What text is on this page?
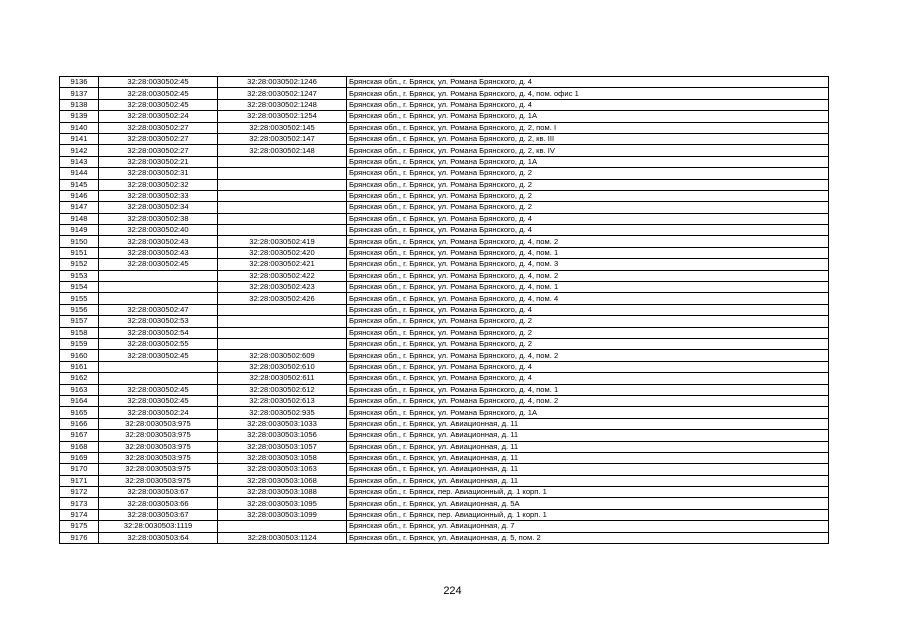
9136	32:28:0030502:45	32:28:0030502:1246	Брянская обл., г. Брянск, ул. Романа Брянского, д. 4
9137	32:28:0030502:45	32:28:0030502:1247	Брянская обл., г. Брянск, ул. Романа Брянского, д. 4, пом. офис 1
9138	32:28:0030502:45	32:28:0030502:1248	Брянская обл., г. Брянск, ул. Романа Брянского, д. 4
9139	32:28:0030502:24	32:28:0030502:1254	Брянская обл., г. Брянск, ул. Романа Брянского, д. 1А
9140	32:28:0030502:27	32:28:0030502:145	Брянская обл., г. Брянск, ул. Романа Брянского, д. 2, пом. I
9141	32:28:0030502:27	32:28:0030502:147	Брянская обл., г. Брянск, ул. Романа Брянского, д. 2, кв. III
9142	32:28:0030502:27	32:28:0030502:148	Брянская обл., г. Брянск, ул. Романа Брянского, д. 2, кв. IV
9143	32:28:0030502:21		Брянская обл., г. Брянск, ул. Романа Брянского, д. 1А
9144	32:28:0030502:31		Брянская обл., г. Брянск, ул. Романа Брянского, д. 2
9145	32:28:0030502:32		Брянская обл., г. Брянск, ул. Романа Брянского, д. 2
9146	32:28:0030502:33		Брянская обл., г. Брянск, ул. Романа Брянского, д. 2
9147	32:28:0030502:34		Брянская обл., г. Брянск, ул. Романа Брянского, д. 2
9148	32:28:0030502:38		Брянская обл., г. Брянск, ул. Романа Брянского, д. 4
9149	32:28:0030502:40		Брянская обл., г. Брянск, ул. Романа Брянского, д. 4
9150	32:28:0030502:43	32:28:0030502:419	Брянская обл., г. Брянск, ул. Романа Брянского, д. 4, пом. 2
9151	32:28:0030502:43	32:28:0030502:420	Брянская обл., г. Брянск, ул. Романа Брянского, д. 4, пом. 1
9152	32:28:0030502:45	32:28:0030502:421	Брянская обл., г. Брянск, ул. Романа Брянского, д. 4, пом. 3
9153		32:28:0030502:422	Брянская обл., г. Брянск, ул. Романа Брянского, д. 4, пом. 2
9154		32:28:0030502:423	Брянская обл., г. Брянск, ул. Романа Брянского, д. 4, пом. 1
9155		32:28:0030502:426	Брянская обл., г. Брянск, ул. Романа Брянского, д. 4, пом. 4
9156	32:28:0030502:47		Брянская обл., г. Брянск, ул. Романа Брянского, д. 4
9157	32:28:0030502:53		Брянская обл., г. Брянск, ул. Романа Брянского, д. 2
9158	32:28:0030502:54		Брянская обл., г. Брянск, ул. Романа Брянского, д. 2
9159	32:28:0030502:55		Брянская обл., г. Брянск, ул. Романа Брянского, д. 2
9160	32:28:0030502:45	32:28:0030502:609	Брянская обл., г. Брянск, ул. Романа Брянского, д. 4, пом. 2
9161		32:28:0030502:610	Брянская обл., г. Брянск, ул. Романа Брянского, д. 4
9162		32:28:0030502:611	Брянская обл., г. Брянск, ул. Романа Брянского, д. 4
9163	32:28:0030502:45	32:28:0030502:612	Брянская обл., г. Брянск, ул. Романа Брянского, д. 4, пом. 1
9164	32:28:0030502:45	32:28:0030502:613	Брянская обл., г. Брянск, ул. Романа Брянского, д. 4, пом. 2
9165	32:28:0030502:24	32:28:0030502:935	Брянская обл., г. Брянск, ул. Романа Брянского, д. 1А
9166	32:28:0030503:975	32:28:0030503:1033	Брянская обл., г. Брянск, ул. Авиационная, д. 11
9167	32:28:0030503:975	32:28:0030503:1056	Брянская обл., г. Брянск, ул. Авиационная, д. 11
9168	32:28:0030503:975	32:28:0030503:1057	Брянская обл., г. Брянск, ул. Авиационная, д. 11
9169	32:28:0030503:975	32:28:0030503:1058	Брянская обл., г. Брянск, ул. Авиационная, д. 11
9170	32:28:0030503:975	32:28:0030503:1063	Брянская обл., г. Брянск, ул. Авиационная, д. 11
9171	32:28:0030503:975	32:28:0030503:1068	Брянская обл., г. Брянск, ул. Авиационная, д. 11
9172	32:28:0030503:67	32:28:0030503:1088	Брянская обл., г. Брянск, пер. Авиационный, д. 1 корп. 1
9173	32:28:0030503:66	32:28:0030503:1095	Брянская обл., г. Брянск, ул. Авиационная, д. 5А
9174	32:28:0030503:67	32:28:0030503:1099	Брянская обл., г. Брянск, пер. Авиационный, д. 1 корп. 1
9175	32:28:0030503:1119		Брянская обл., г. Брянск, ул. Авиационная, д. 7
9176	32:28:0030503:64	32:28:0030503:1124	Брянская обл., г. Брянск, ул. Авиационная, д. 5, пом. 2
224
